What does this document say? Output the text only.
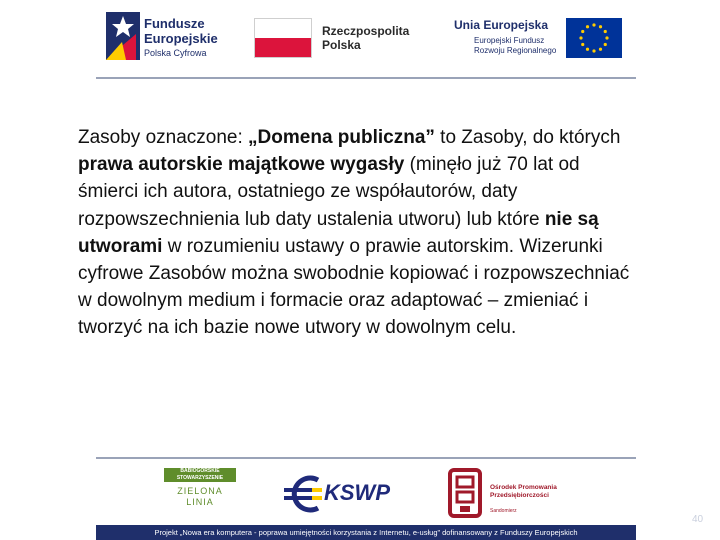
Fundusze
Europejskie
Polska Cyfrowa
Rzeczpospolita
Polska
Unia Europejska
Europejski Fundusz
Rozwoju Regionalnego
Zasoby oznaczone: „Domena publiczna” to Zasoby, do których prawa autorskie majątkowe wygasły (minęło już 70 lat od śmierci ich autora, ostatniego ze współautorów, daty rozpowszechnienia lub daty ustalenia utworu) lub które nie są utworami w rozumieniu ustawy o prawie autorskim. Wizerunki cyfrowe Zasobów można swobodnie kopiować i rozpowszechniać w dowolnym medium i formacie oraz adaptować – zmieniać i tworzyć na ich bazie nowe utwory w dowolnym celu.
BABIOGÓRSKIE
STOWARZYSZENIE
ZIELONA
LINIA	KSWP	Ośrodek Promowania
Przedsiębiorczości
Sandomierz
Projekt „Nowa era komputera - poprawa umiejętności korzystania z Internetu, e-usług” dofinansowany z Funduszy Europejskich
40
